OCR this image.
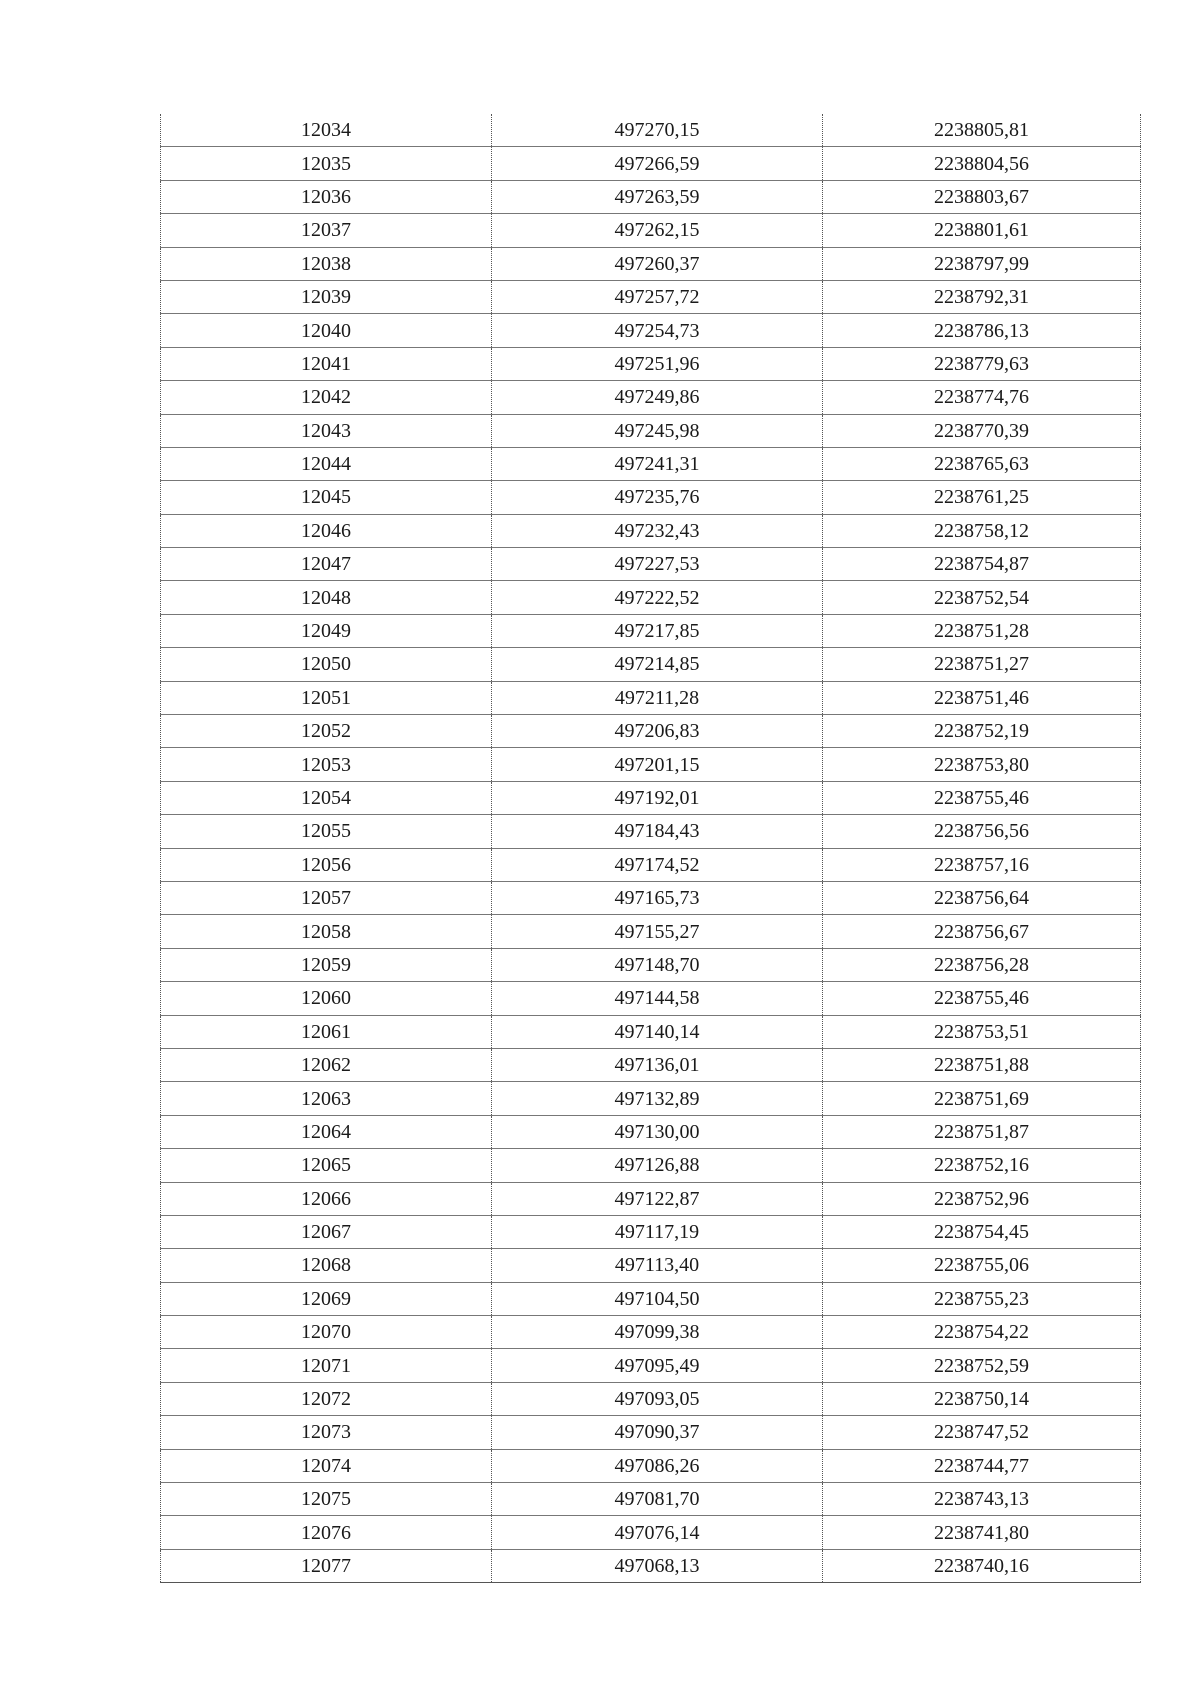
12034	497270,15	2238805,81
12035	497266,59	2238804,56
12036	497263,59	2238803,67
12037	497262,15	2238801,61
12038	497260,37	2238797,99
12039	497257,72	2238792,31
12040	497254,73	2238786,13
12041	497251,96	2238779,63
12042	497249,86	2238774,76
12043	497245,98	2238770,39
12044	497241,31	2238765,63
12045	497235,76	2238761,25
12046	497232,43	2238758,12
12047	497227,53	2238754,87
12048	497222,52	2238752,54
12049	497217,85	2238751,28
12050	497214,85	2238751,27
12051	497211,28	2238751,46
12052	497206,83	2238752,19
12053	497201,15	2238753,80
12054	497192,01	2238755,46
12055	497184,43	2238756,56
12056	497174,52	2238757,16
12057	497165,73	2238756,64
12058	497155,27	2238756,67
12059	497148,70	2238756,28
12060	497144,58	2238755,46
12061	497140,14	2238753,51
12062	497136,01	2238751,88
12063	497132,89	2238751,69
12064	497130,00	2238751,87
12065	497126,88	2238752,16
12066	497122,87	2238752,96
12067	497117,19	2238754,45
12068	497113,40	2238755,06
12069	497104,50	2238755,23
12070	497099,38	2238754,22
12071	497095,49	2238752,59
12072	497093,05	2238750,14
12073	497090,37	2238747,52
12074	497086,26	2238744,77
12075	497081,70	2238743,13
12076	497076,14	2238741,80
12077	497068,13	2238740,16
